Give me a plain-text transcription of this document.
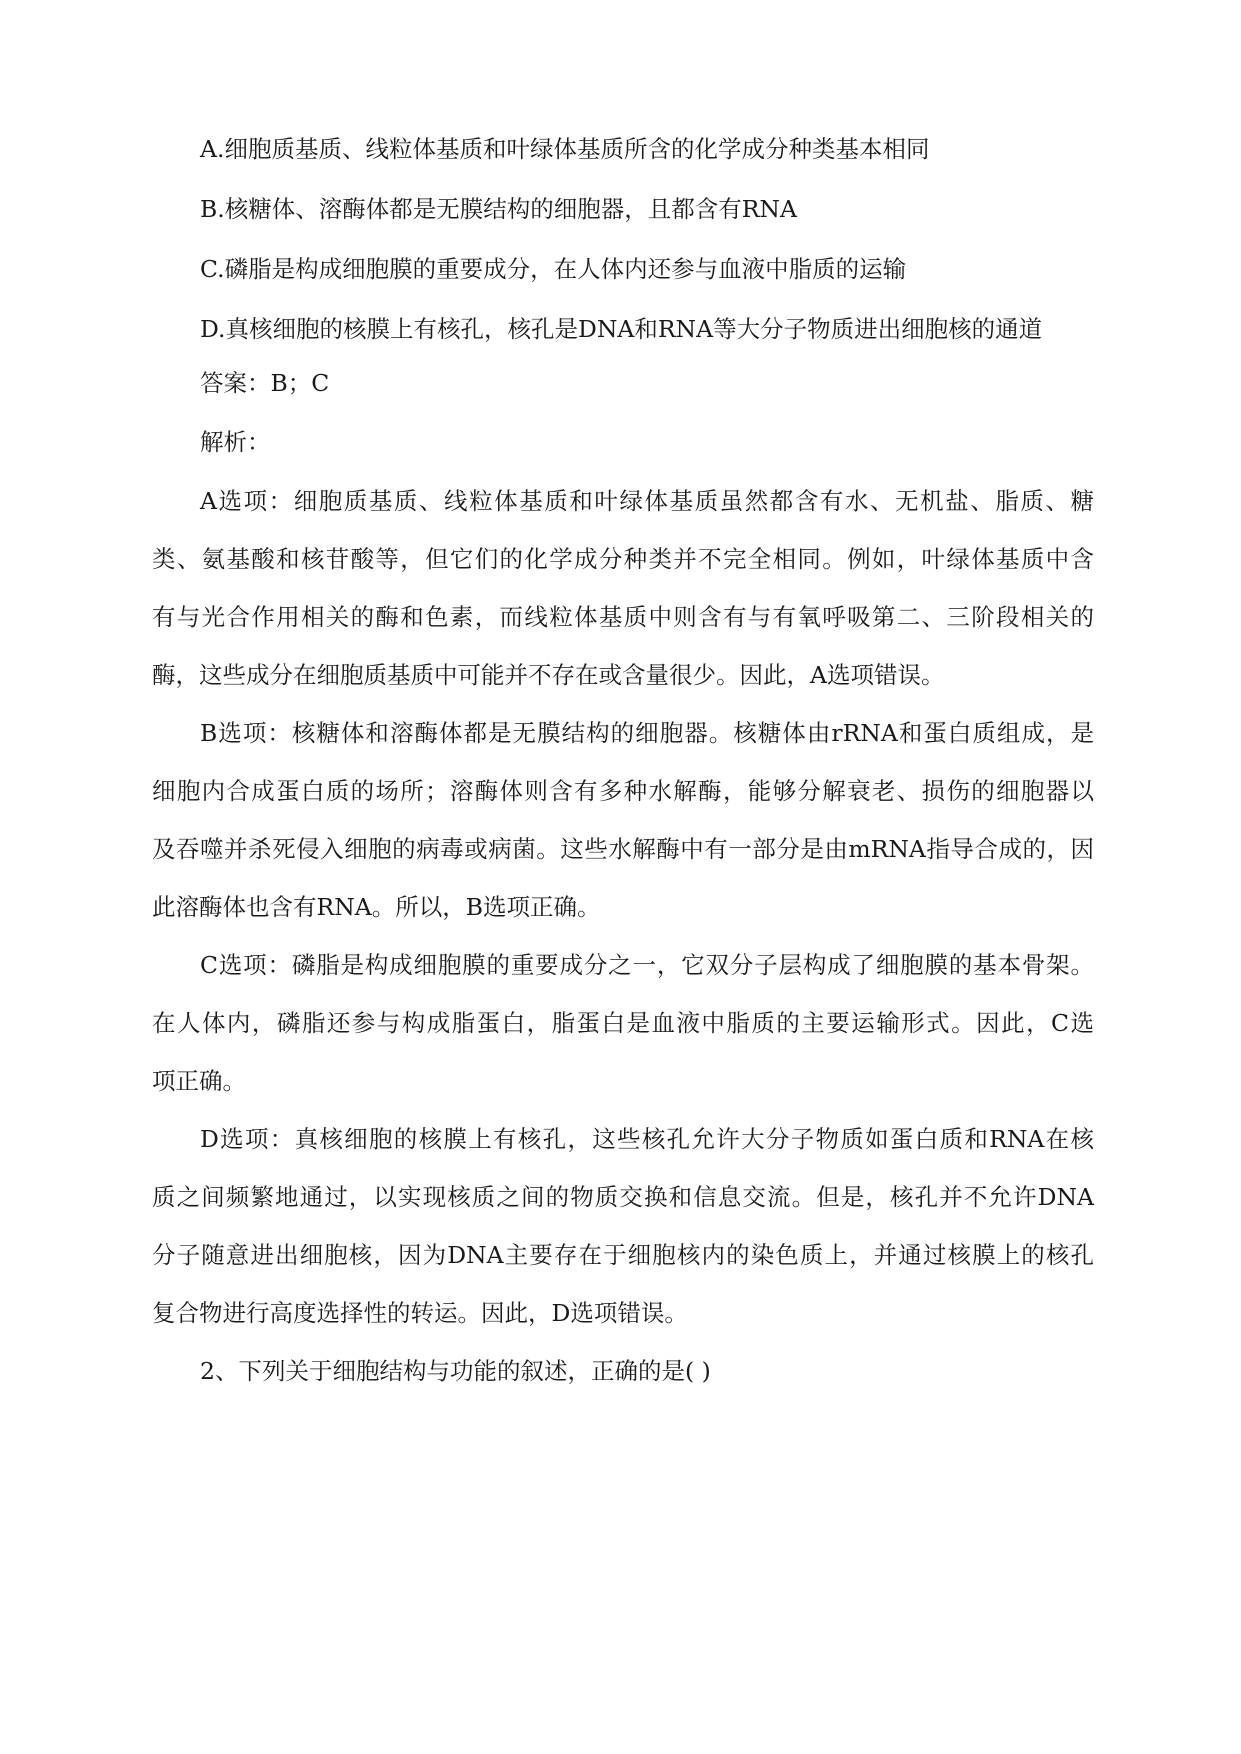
A.细胞质基质、线粒体基质和叶绿体基质所含的化学成分种类基本相同
B.核糖体、溶酶体都是无膜结构的细胞器，且都含有RNA
C.磷脂是构成细胞膜的重要成分，在人体内还参与血液中脂质的运输
D.真核细胞的核膜上有核孔，核孔是DNA和RNA等大分子物质进出细胞核的通道
答案：B；C
解析：
A选项：细胞质基质、线粒体基质和叶绿体基质虽然都含有水、无机盐、脂质、糖
类、氨基酸和核苷酸等，但它们的化学成分种类并不完全相同。例如，叶绿体基质中含
有与光合作用相关的酶和色素，而线粒体基质中则含有与有氧呼吸第二、三阶段相关的
酶，这些成分在细胞质基质中可能并不存在或含量很少。因此，A选项错误。
B选项：核糖体和溶酶体都是无膜结构的细胞器。核糖体由rRNA和蛋白质组成，是
细胞内合成蛋白质的场所；溶酶体则含有多种水解酶，能够分解衰老、损伤的细胞器以
及吞噬并杀死侵入细胞的病毒或病菌。这些水解酶中有一部分是由mRNA指导合成的，因
此溶酶体也含有RNA。所以，B选项正确。
C选项：磷脂是构成细胞膜的重要成分之一，它双分子层构成了细胞膜的基本骨架。
在人体内，磷脂还参与构成脂蛋白，脂蛋白是血液中脂质的主要运输形式。因此，C选
项正确。
D选项：真核细胞的核膜上有核孔，这些核孔允许大分子物质如蛋白质和RNA在核
质之间频繁地通过，以实现核质之间的物质交换和信息交流。但是，核孔并不允许DNA
分子随意进出细胞核，因为DNA主要存在于细胞核内的染色质上，并通过核膜上的核孔
复合物进行高度选择性的转运。因此，D选项错误。
2、下列关于细胞结构与功能的叙述，正确的是( )
